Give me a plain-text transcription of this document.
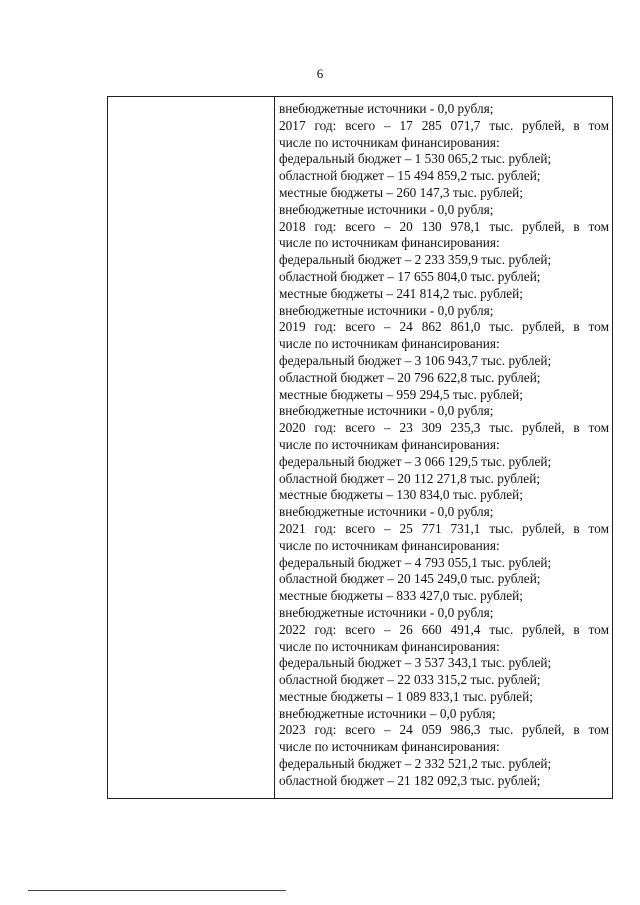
6
внебюджетные источники - 0,0 рубля;
2017 год: всего – 17 285 071,7 тыс. рублей, в том
числе по источникам финансирования:
федеральный бюджет – 1 530 065,2 тыс. рублей;
областной бюджет – 15 494 859,2 тыс. рублей;
местные бюджеты – 260 147,3 тыс. рублей;
внебюджетные источники - 0,0 рубля;
2018 год: всего – 20 130 978,1 тыс. рублей, в том
числе по источникам финансирования:
федеральный бюджет – 2 233 359,9 тыс. рублей;
областной бюджет – 17 655 804,0 тыс. рублей;
местные бюджеты – 241 814,2 тыс. рублей;
внебюджетные источники - 0,0 рубля;
2019 год: всего – 24 862 861,0 тыс. рублей, в том
числе по источникам финансирования:
федеральный бюджет – 3 106 943,7 тыс. рублей;
областной бюджет – 20 796 622,8 тыс. рублей;
местные бюджеты – 959 294,5 тыс. рублей;
внебюджетные источники - 0,0 рубля;
2020 год: всего – 23 309 235,3 тыс. рублей, в том
числе по источникам финансирования:
федеральный бюджет – 3 066 129,5 тыс. рублей;
областной бюджет – 20 112 271,8 тыс. рублей;
местные бюджеты – 130 834,0 тыс. рублей;
внебюджетные источники - 0,0 рубля;
2021 год: всего – 25 771 731,1 тыс. рублей, в том
числе по источникам финансирования:
федеральный бюджет – 4 793 055,1 тыс. рублей;
областной бюджет – 20 145 249,0 тыс. рублей;
местные бюджеты – 833 427,0 тыс. рублей;
внебюджетные источники - 0,0 рубля;
2022 год: всего – 26 660 491,4 тыс. рублей, в том
числе по источникам финансирования:
федеральный бюджет – 3 537 343,1 тыс. рублей;
областной бюджет – 22 033 315,2 тыс. рублей;
местные бюджеты – 1 089 833,1 тыс. рублей;
внебюджетные источники – 0,0 рубля;
2023 год: всего – 24 059 986,3 тыс. рублей, в том
числе по источникам финансирования:
федеральный бюджет – 2 332 521,2 тыс. рублей;
областной бюджет – 21 182 092,3 тыс. рублей;
